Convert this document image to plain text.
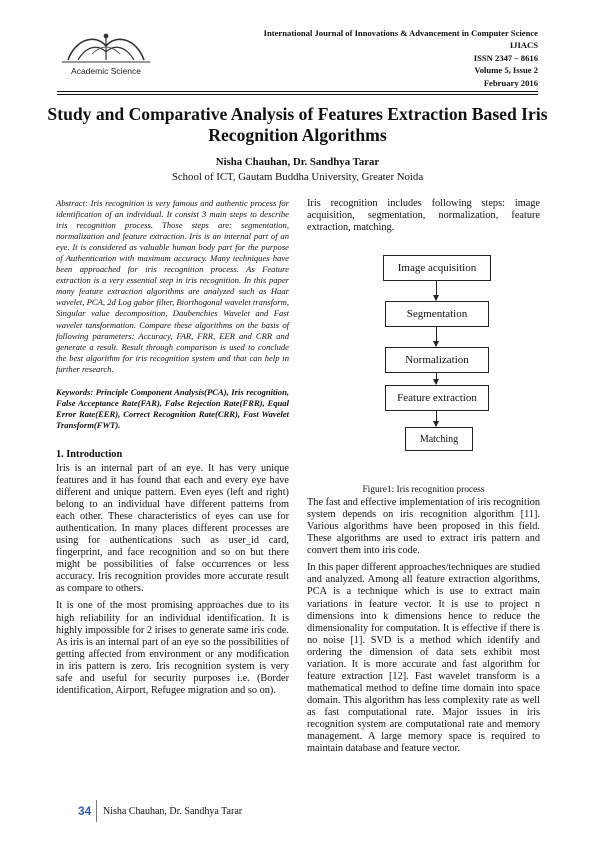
Academic Science
International Journal of Innovations & Advancement in Computer Science
IJIACS
ISSN 2347 – 8616
Volume 5, Issue 2
February 2016
Study and Comparative Analysis of Features Extraction Based Iris Recognition Algorithms
Nisha Chauhan, Dr. Sandhya Tarar
School of ICT, Gautam Buddha University, Greater Noida

Abstract: Iris recognition is very famous and authentic process for identification of an individual. It consist 3 main steps to describe iris recognition process. Those steps are: segmentation, normalization and feature extraction. Iris is an internal part of an eye. It is considered as valuable human body part for the purpose of Authentication with maximum accuracy. Many techniques have been approached for iris recognition process. As Feature extraction is a very essential step in iris recognition. In this paper many feature extraction algorithms are analyzed such as Haar wavelet, PCA, 2d Log gabor filter, Biorthogonal wavelet transform, Singular value decomposition, Daubenchies Wavelet and Fast wavelet tansformation. Compare these algorithms on the basis of following parameters: Accuracy, FAR, FRR, EER and CRR and generate a result. Result through comparison is used to conclude the best algorithm for iris recognition system and that can help in further research.

Keywords: Principle Component Analysis(PCA), Iris recognition, False Acceptance Rate(FAR), False Rejection Rate(FRR), Equal Error Rate(EER), Correct Recognition Rate(CRR), Fast Wavelet Transform(FWT).

1. Introduction

Iris is an internal part of an eye. It has very unique features and it has found that each and every eye have different and unique pattern. Even eyes (left and right) belong to an individual have different patterns from each other. These characteristics of eyes can use for authentication. In many places different processes are using for authentications such as user_id card, fingerprint, and face recognition and so on but there might be possibilities of false occurrences or less accuracy. Iris recognition provides more accurate result as compare to others.

It is one of the most promising approaches due to its high reliability for an individual identification. It is highly impossible for 2 irises to generate same iris code. As iris is an internal part of an eye so the possibilities of getting affected from environment or any modification in iris pattern is zero. Iris recognition system is very safe and useful for security purposes i.e. (Border identification, Airport, Refugee migration and so on).

Iris recognition includes following steps: image acquisition, segmentation, normalization, feature extraction, matching.

Image acquisition
Segmentation
Normalization
Feature extraction
Matching
Figure1: Iris recognition process

The fast and effective implementation of iris recognition system depends on iris recognition algorithm [11]. Various algorithms have been proposed in this field. These algorithms are used to extract iris pattern and convert them into iris code.

In this paper different approaches/techniques are studied and analyzed. Among all feature extraction algorithms, PCA is a technique which is use to extract main variations in feature vector. It is use to project n dimensions into k dimensions hence to reduce the dimensionality for computation. It is effective if there is no noise [1]. SVD is a method which identify and ordering the dimension of data sets exhibit most variation. It is more accurate and fast algorithm for feature extraction [12]. Fast wavelet transform is a mathematical method to define time domain into space domain. This algorithm has less complexity rate as well as fast computational rate. Major issues in iris recognition system are computational rate and memory management. A large memory space is required to maintain database and feature vector.

34 Nisha Chauhan, Dr. Sandhya Tarar
